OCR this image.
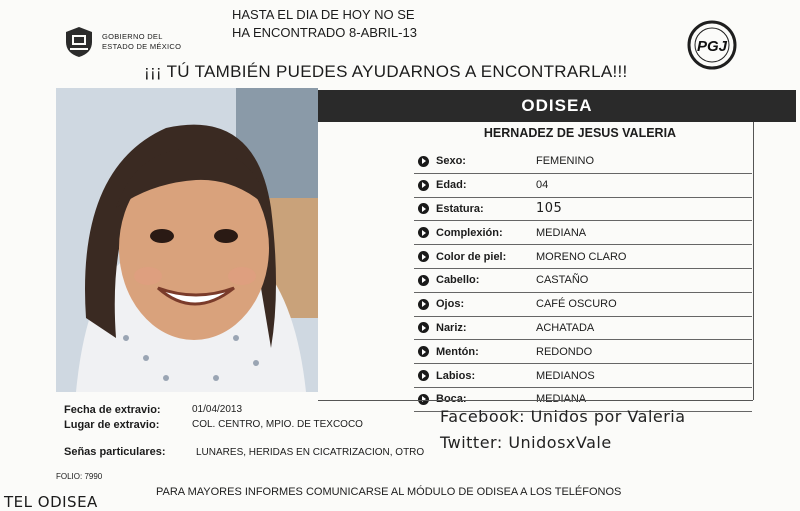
HASTA EL DIA DE HOY NO SE
HA ENCONTRADO 8-ABRIL-13
GOBIERNO DEL
ESTADO DE MÉXICO	PGJ
¡¡¡ TÚ TAMBIÉN PUEDES AYUDARNOS A ENCONTRARLA!!!
ODISEA
HERNADEZ DE JESUS VALERIA
Sexo:	FEMENINO
Edad:	04
Estatura:	105
Complexión:	MEDIANA
Color de piel:	MORENO CLARO
Cabello:	CASTAÑO
Ojos:	CAFÉ OSCURO
Nariz:	ACHATADA
Mentón:	REDONDO
Labios:	MEDIANOS
Boca:	MEDIANA
Fecha de extravio:	01/04/2013
Lugar de extravio:	COL. CENTRO, MPIO. DE TEXCOCO
Señas particulares:	LUNARES, HERIDAS EN CICATRIZACION, OTRO
Facebook: Unidos por Valeria
Twitter: UnidosxVale
FOLIO: 7990
PARA MAYORES INFORMES COMUNICARSE AL MÓDULO DE ODISEA A LOS TELÉFONOS
TEL ODISEA
